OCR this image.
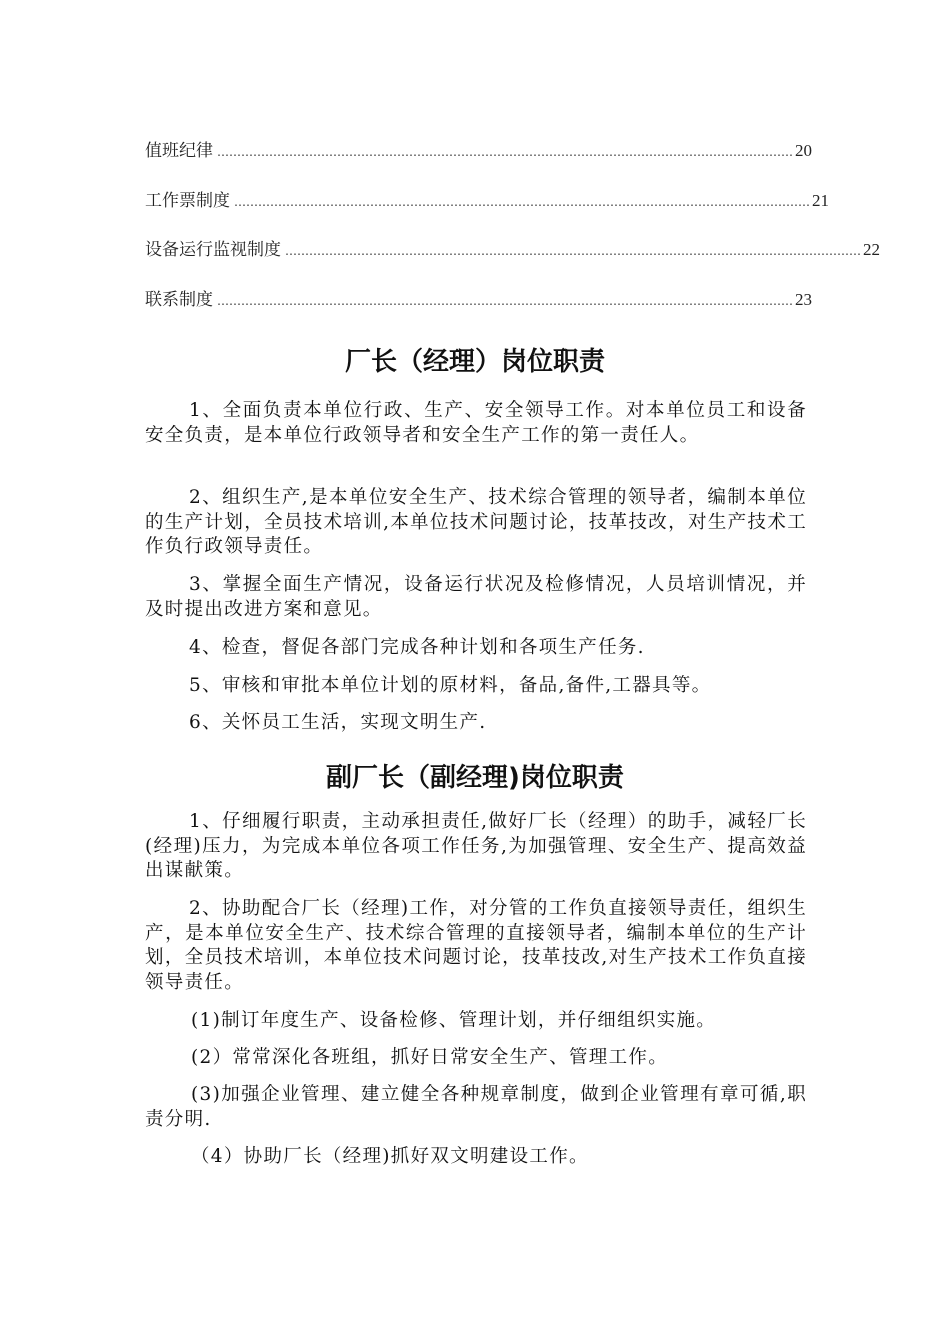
值班纪律 ……………………………………………………………………………………………………………………………… 20
工作票制度 ……………………………………………………………………………………………………………………………… 21
设备运行监视制度 ……………………………………………………………………………………………………………………………… 22
联系制度 ……………………………………………………………………………………………………………………………… 23
厂长（经理）岗位职责
1、全面负责本单位行政、生产、安全领导工作。对本单位员工和设备安全负责，是本单位行政领导者和安全生产工作的第一责任人。
2、组织生产,是本单位安全生产、技术综合管理的领导者，编制本单位的生产计划，全员技术培训,本单位技术问题讨论，技革技改，对生产技术工作负行政领导责任。
3、掌握全面生产情况，设备运行状况及检修情况，人员培训情况，并及时提出改进方案和意见。
4、检查，督促各部门完成各种计划和各项生产任务.
5、审核和审批本单位计划的原材料，备品,备件,工器具等。
6、关怀员工生活，实现文明生产.
副厂长（副经理)岗位职责
1、仔细履行职责，主动承担责任,做好厂长（经理）的助手，减轻厂长(经理)压力，为完成本单位各项工作任务,为加强管理、安全生产、提高效益出谋献策。
2、协助配合厂长（经理)工作，对分管的工作负直接领导责任，组织生产，是本单位安全生产、技术综合管理的直接领导者，编制本单位的生产计划，全员技术培训，本单位技术问题讨论，技革技改,对生产技术工作负直接领导责任。
(1)制订年度生产、设备检修、管理计划，并仔细组织实施。
(2）常常深化各班组，抓好日常安全生产、管理工作。
(3)加强企业管理、建立健全各种规章制度，做到企业管理有章可循,职责分明.
（4）协助厂长（经理)抓好双文明建设工作。
